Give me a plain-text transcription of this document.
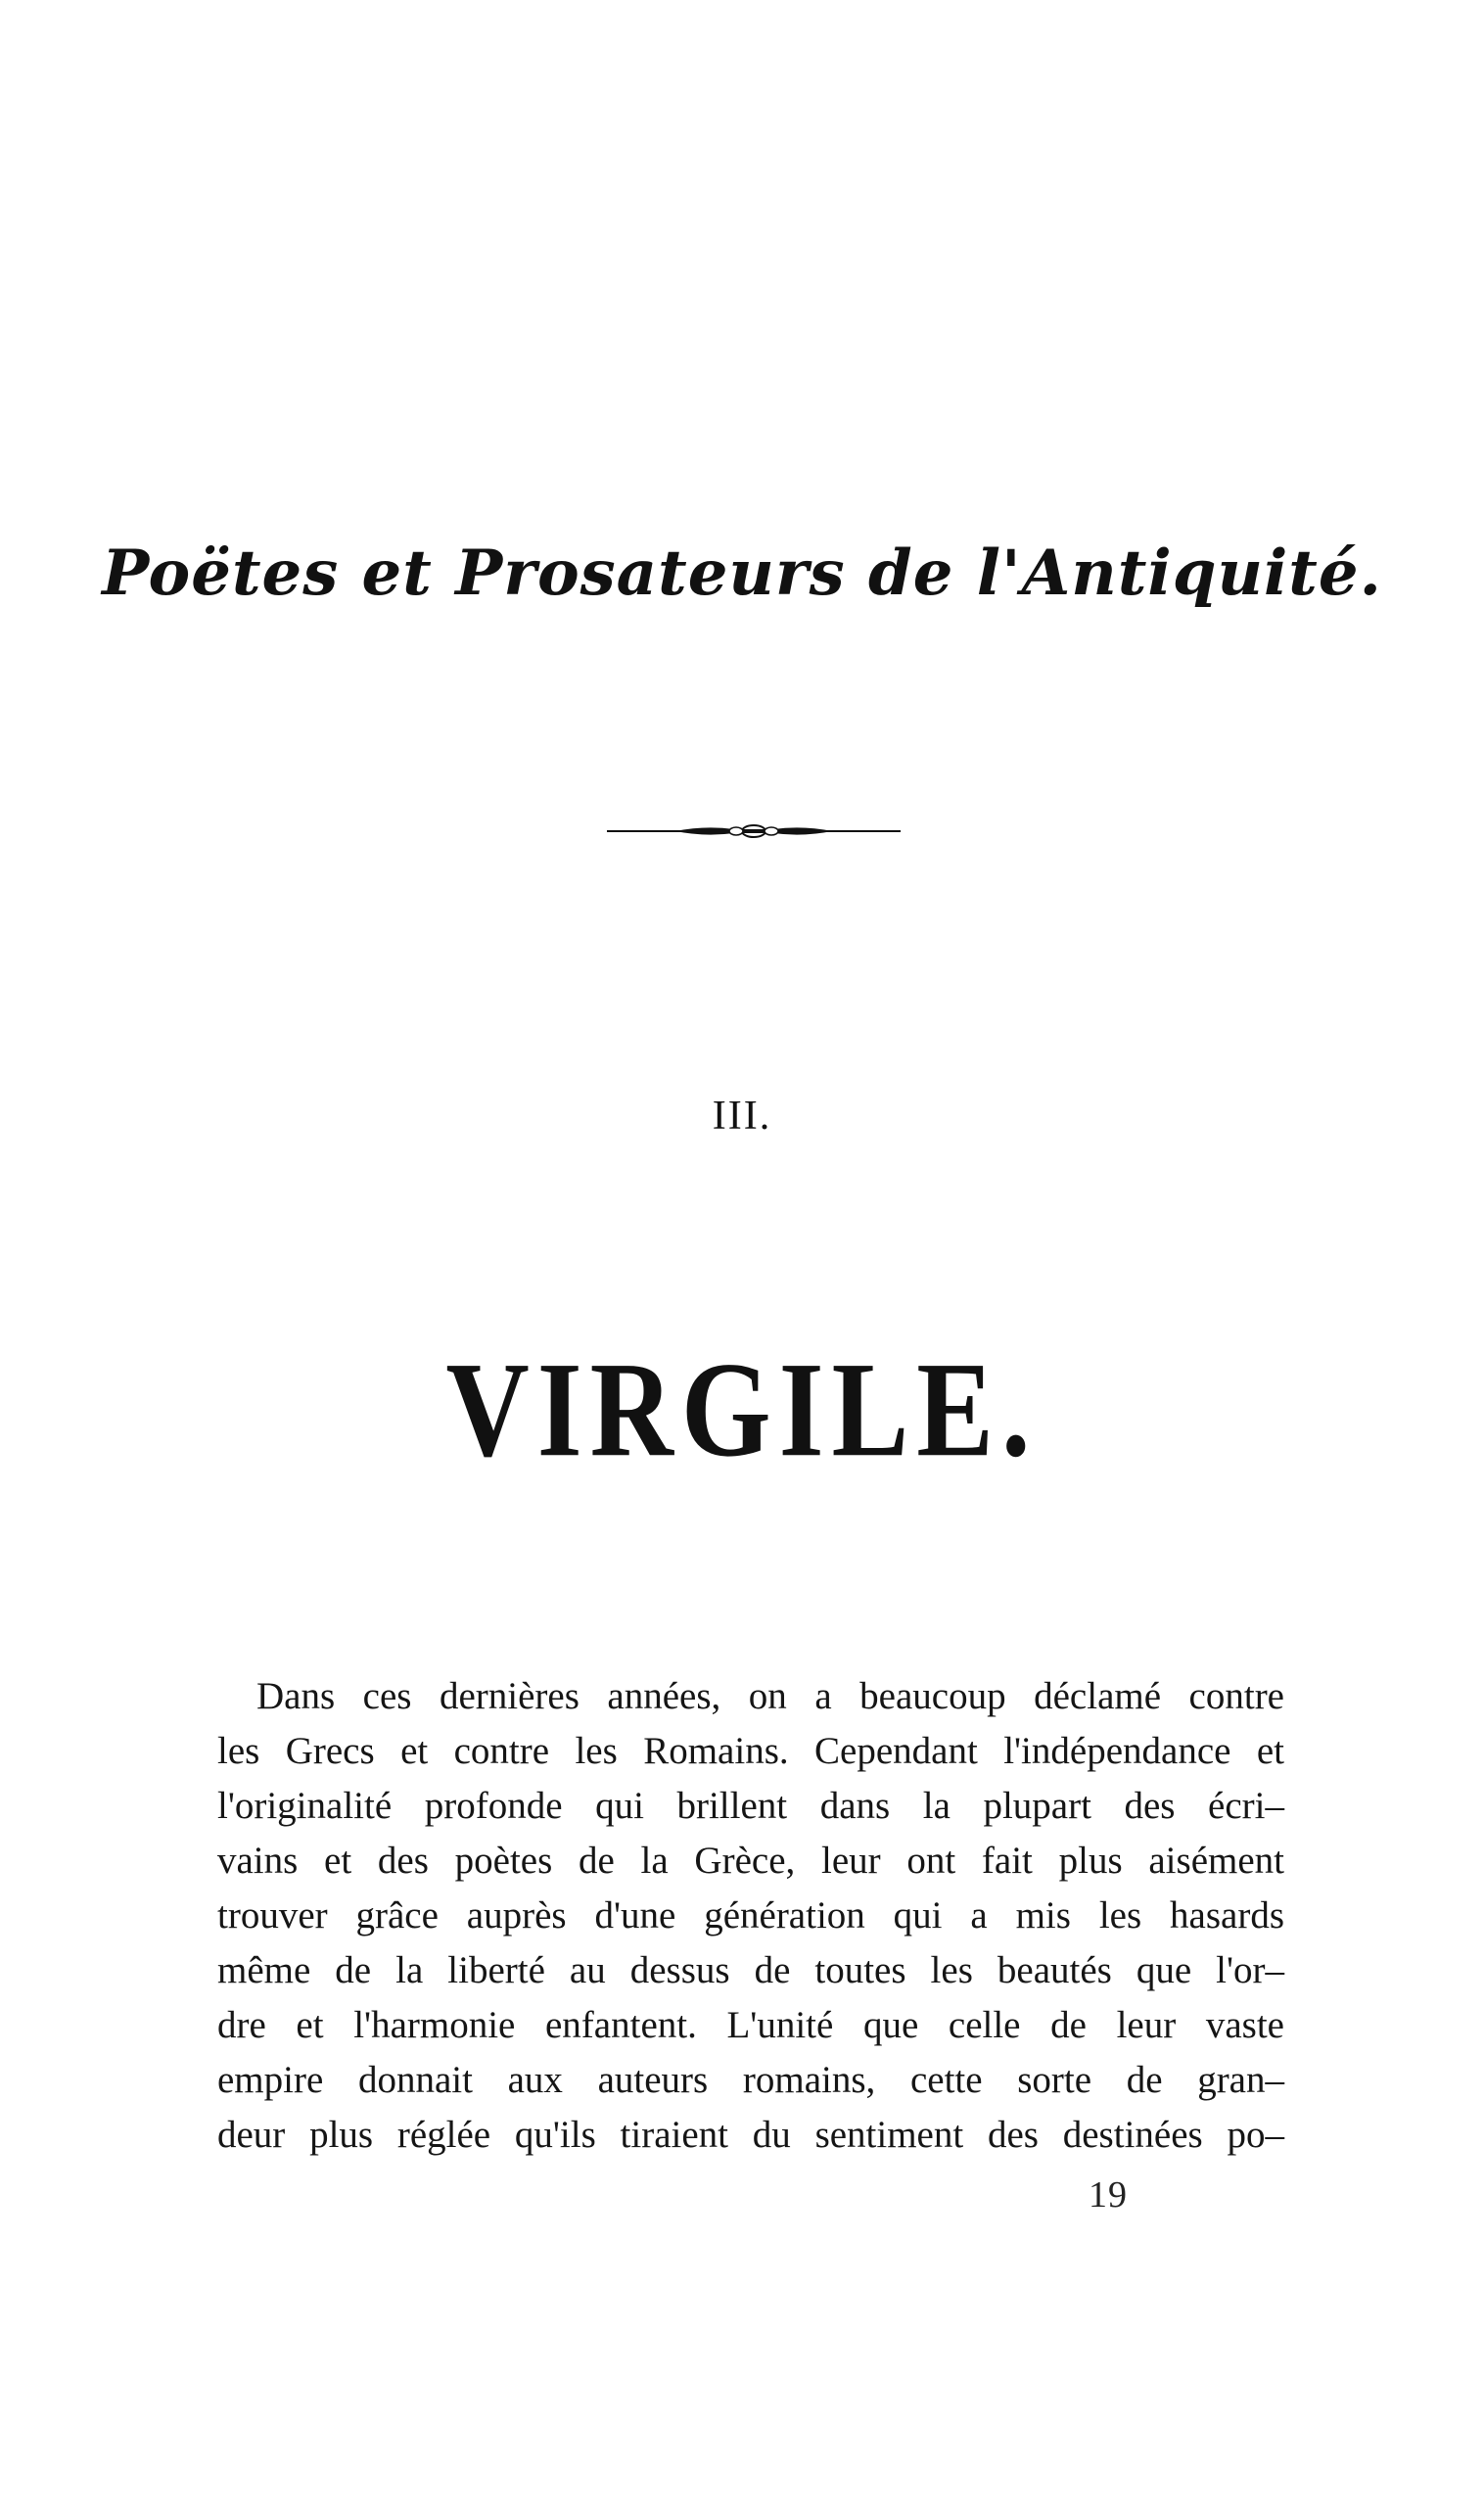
Poëtes et Prosateurs de l'Antiquité.
III.
VIRGILE.
Dans ces dernières années, on a beaucoup déclamé contre
les Grecs et contre les Romains. Cependant l'indépendance et
l'originalité profonde qui brillent dans la plupart des écri–
vains et des poètes de la Grèce, leur ont fait plus aisément
trouver grâce auprès d'une génération qui a mis les hasards
même de la liberté au dessus de toutes les beautés que l'or–
dre et l'harmonie enfantent. L'unité que celle de leur vaste
empire donnait aux auteurs romains, cette sorte de gran–
deur plus réglée qu'ils tiraient du sentiment des destinées po–
19
